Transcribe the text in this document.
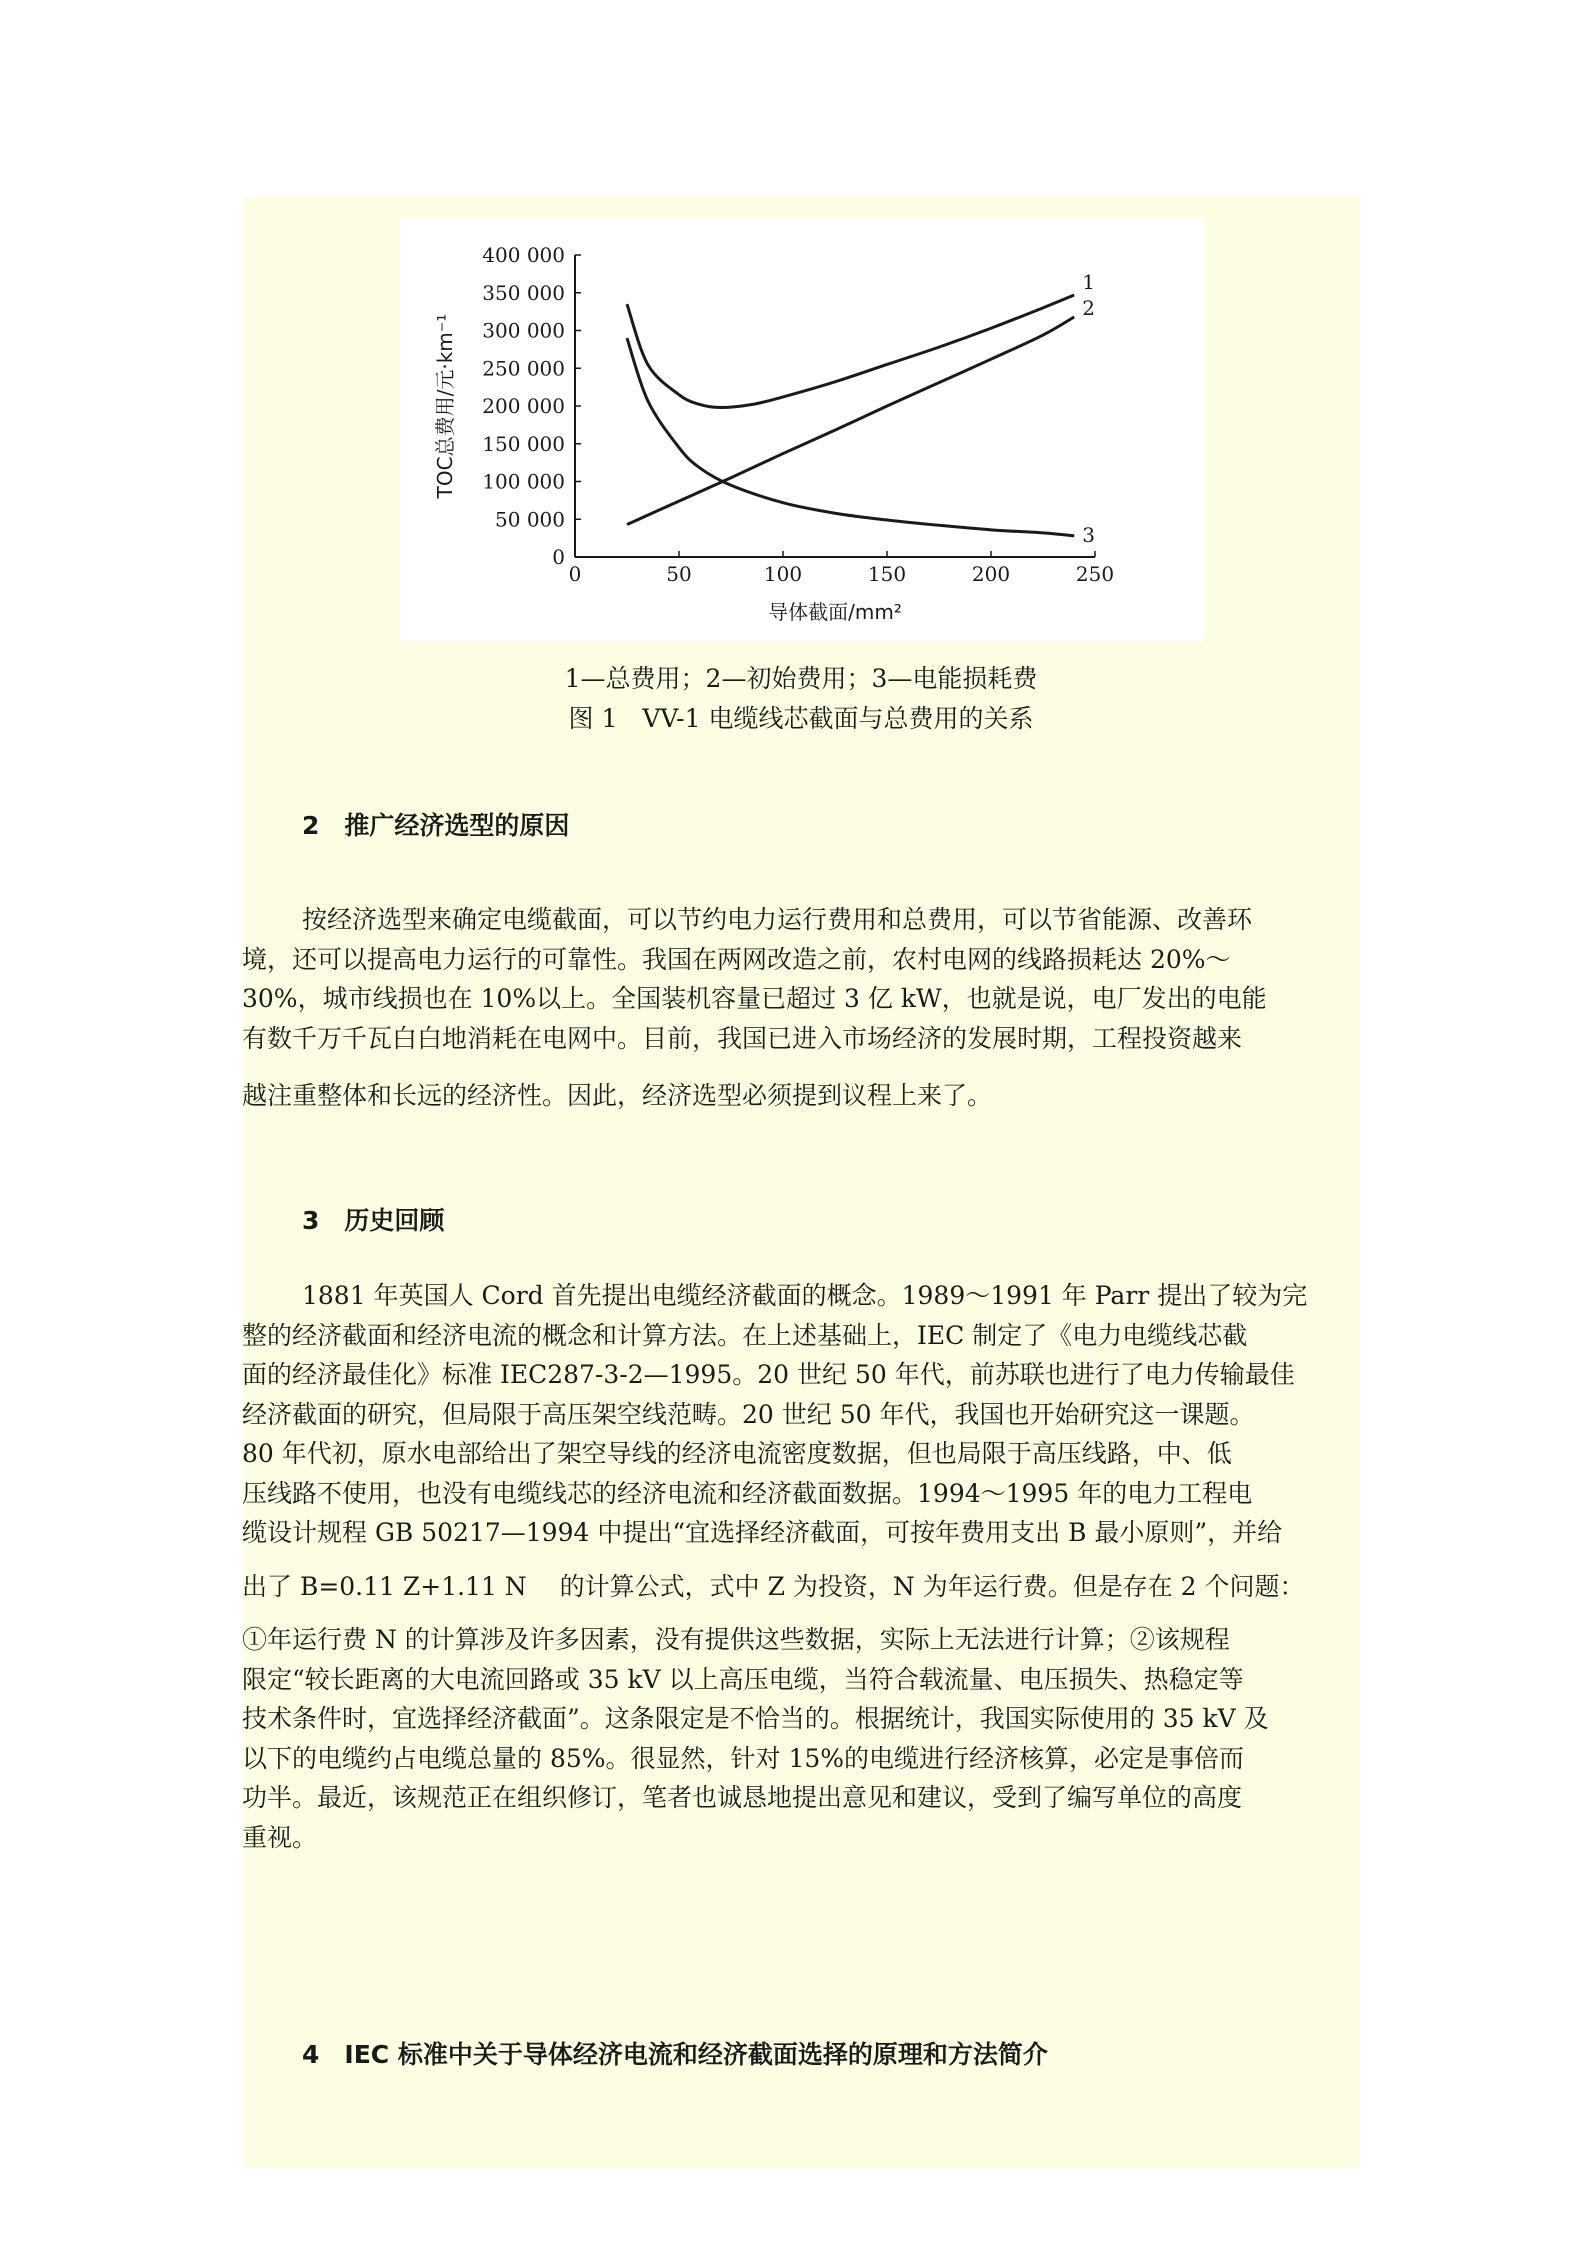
0	50	100	150	200	250
0
50 000
100 000
150 000
200 000
250 000
300 000
350 000
400 000
导体截面/mm²
TOC总费用/元·km⁻¹
1
2
3
1—总费用；2—初始费用；3—电能损耗费
图 1　VV-1 电缆线芯截面与总费用的关系
2　推广经济选型的原因
按经济选型来确定电缆截面，可以节约电力运行费用和总费用，可以节省能源、改善环
境，还可以提高电力运行的可靠性。我国在两网改造之前，农村电网的线路损耗达 20%～
30%，城市线损也在 10%以上。全国装机容量已超过 3 亿 kW，也就是说，电厂发出的电能
有数千万千瓦白白地消耗在电网中。目前，我国已进入市场经济的发展时期，工程投资越来
越注重整体和长远的经济性。因此，经济选型必须提到议程上来了。
3　历史回顾
1881 年英国人 Cord 首先提出电缆经济截面的概念。1989～1991 年 Parr 提出了较为完
整的经济截面和经济电流的概念和计算方法。在上述基础上，IEC 制定了《电力电缆线芯截
面的经济最佳化》标准 IEC287-3-2—1995。20 世纪 50 年代，前苏联也进行了电力传输最佳
经济截面的研究，但局限于高压架空线范畴。20 世纪 50 年代，我国也开始研究这一课题。
80 年代初，原水电部给出了架空导线的经济电流密度数据，但也局限于高压线路，中、低
压线路不使用，也没有电缆线芯的经济电流和经济截面数据。1994～1995 年的电力工程电
缆设计规程 GB 50217—1994 中提出“宜选择经济截面，可按年费用支出 B 最小原则”，并给
出了 B=0.11 Z+1.11 N　 的计算公式，式中 Z 为投资，N 为年运行费。但是存在 2 个问题：
①年运行费 N 的计算涉及许多因素，没有提供这些数据，实际上无法进行计算；②该规程
限定“较长距离的大电流回路或 35 kV 以上高压电缆，当符合载流量、电压损失、热稳定等
技术条件时，宜选择经济截面”。这条限定是不恰当的。根据统计，我国实际使用的 35 kV 及
以下的电缆约占电缆总量的 85%。很显然，针对 15%的电缆进行经济核算，必定是事倍而
功半。最近，该规范正在组织修订，笔者也诚恳地提出意见和建议，受到了编写单位的高度
重视。
4　IEC 标准中关于导体经济电流和经济截面选择的原理和方法简介
